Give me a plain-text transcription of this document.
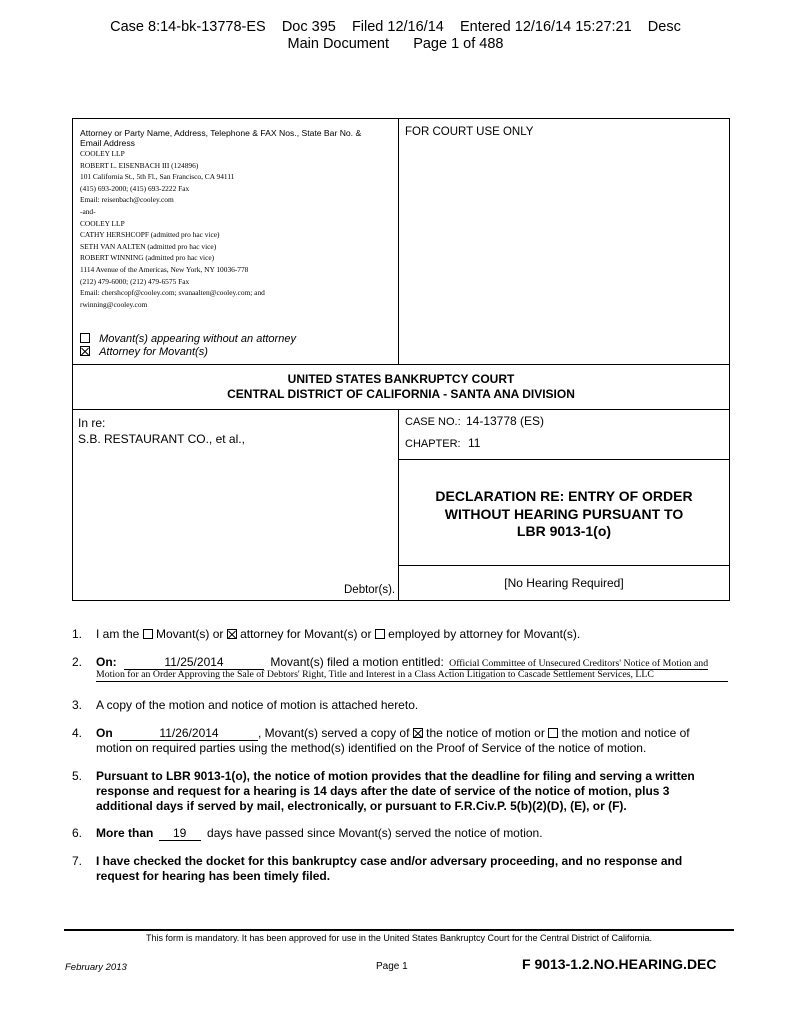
Case 8:14-bk-13778-ES    Doc 395    Filed 12/16/14    Entered 12/16/14 15:27:21    Desc
Main Document      Page 1 of 488
Attorney or Party Name, Address, Telephone & FAX Nos., State Bar No. &
Email Address
COOLEY LLP
ROBERT L. EISENBACH III (124896)
101 California St., 5th Fl., San Francisco, CA 94111
(415) 693-2000; (415) 693-2222 Fax
Email: reisenbach@cooley.com
-and-
COOLEY LLP
CATHY HERSHCOPF (admitted pro hac vice)
SETH VAN AALTEN (admitted pro hac vice)
ROBERT WINNING (admitted pro hac vice)
1114 Avenue of the Americas, New York, NY 10036-778
(212) 479-6000; (212) 479-6575 Fax
Email: chershcopf@cooley.com; svanaalten@cooley.com; and
rwinning@cooley.com
Movant(s) appearing without an attorney
Attorney for Movant(s)
FOR COURT USE ONLY
UNITED STATES BANKRUPTCY COURT
CENTRAL DISTRICT OF CALIFORNIA - SANTA ANA DIVISION
In re:
S.B. RESTAURANT CO., et al.,
Debtor(s).
CASE NO.: 14-13778 (ES)
CHAPTER: 11
DECLARATION RE: ENTRY OF ORDER
WITHOUT HEARING PURSUANT TO
LBR 9013-1(o)
[No Hearing Required]
1. I am the Movant(s) or attorney for Movant(s) or employed by attorney for Movant(s).
2. On:	11/25/2014	Movant(s) filed a motion entitled: Official Committee of Unsecured Creditors' Notice of Motion and
Motion for an Order Approving the Sale of Debtors' Right, Title and Interest in a Class Action Litigation to Cascade Settlement Services, LLC
3. A copy of the motion and notice of motion is attached hereto.
4. On	11/26/2014	, Movant(s) served a copy of the notice of motion or the motion and notice of
motion on required parties using the method(s) identified on the Proof of Service of the notice of motion.
5. Pursuant to LBR 9013-1(o), the notice of motion provides that the deadline for filing and serving a written
response and request for a hearing is 14 days after the date of service of the notice of motion, plus 3
additional days if served by mail, electronically, or pursuant to F.R.Civ.P. 5(b)(2)(D), (E), or (F).
6. More than 19 days have passed since Movant(s) served the notice of motion.
7. I have checked the docket for this bankruptcy case and/or adversary proceeding, and no response and
request for hearing has been timely filed.
This form is mandatory. It has been approved for use in the United States Bankruptcy Court for the Central District of California.
February 2013	Page 1	F 9013-1.2.NO.HEARING.DEC
